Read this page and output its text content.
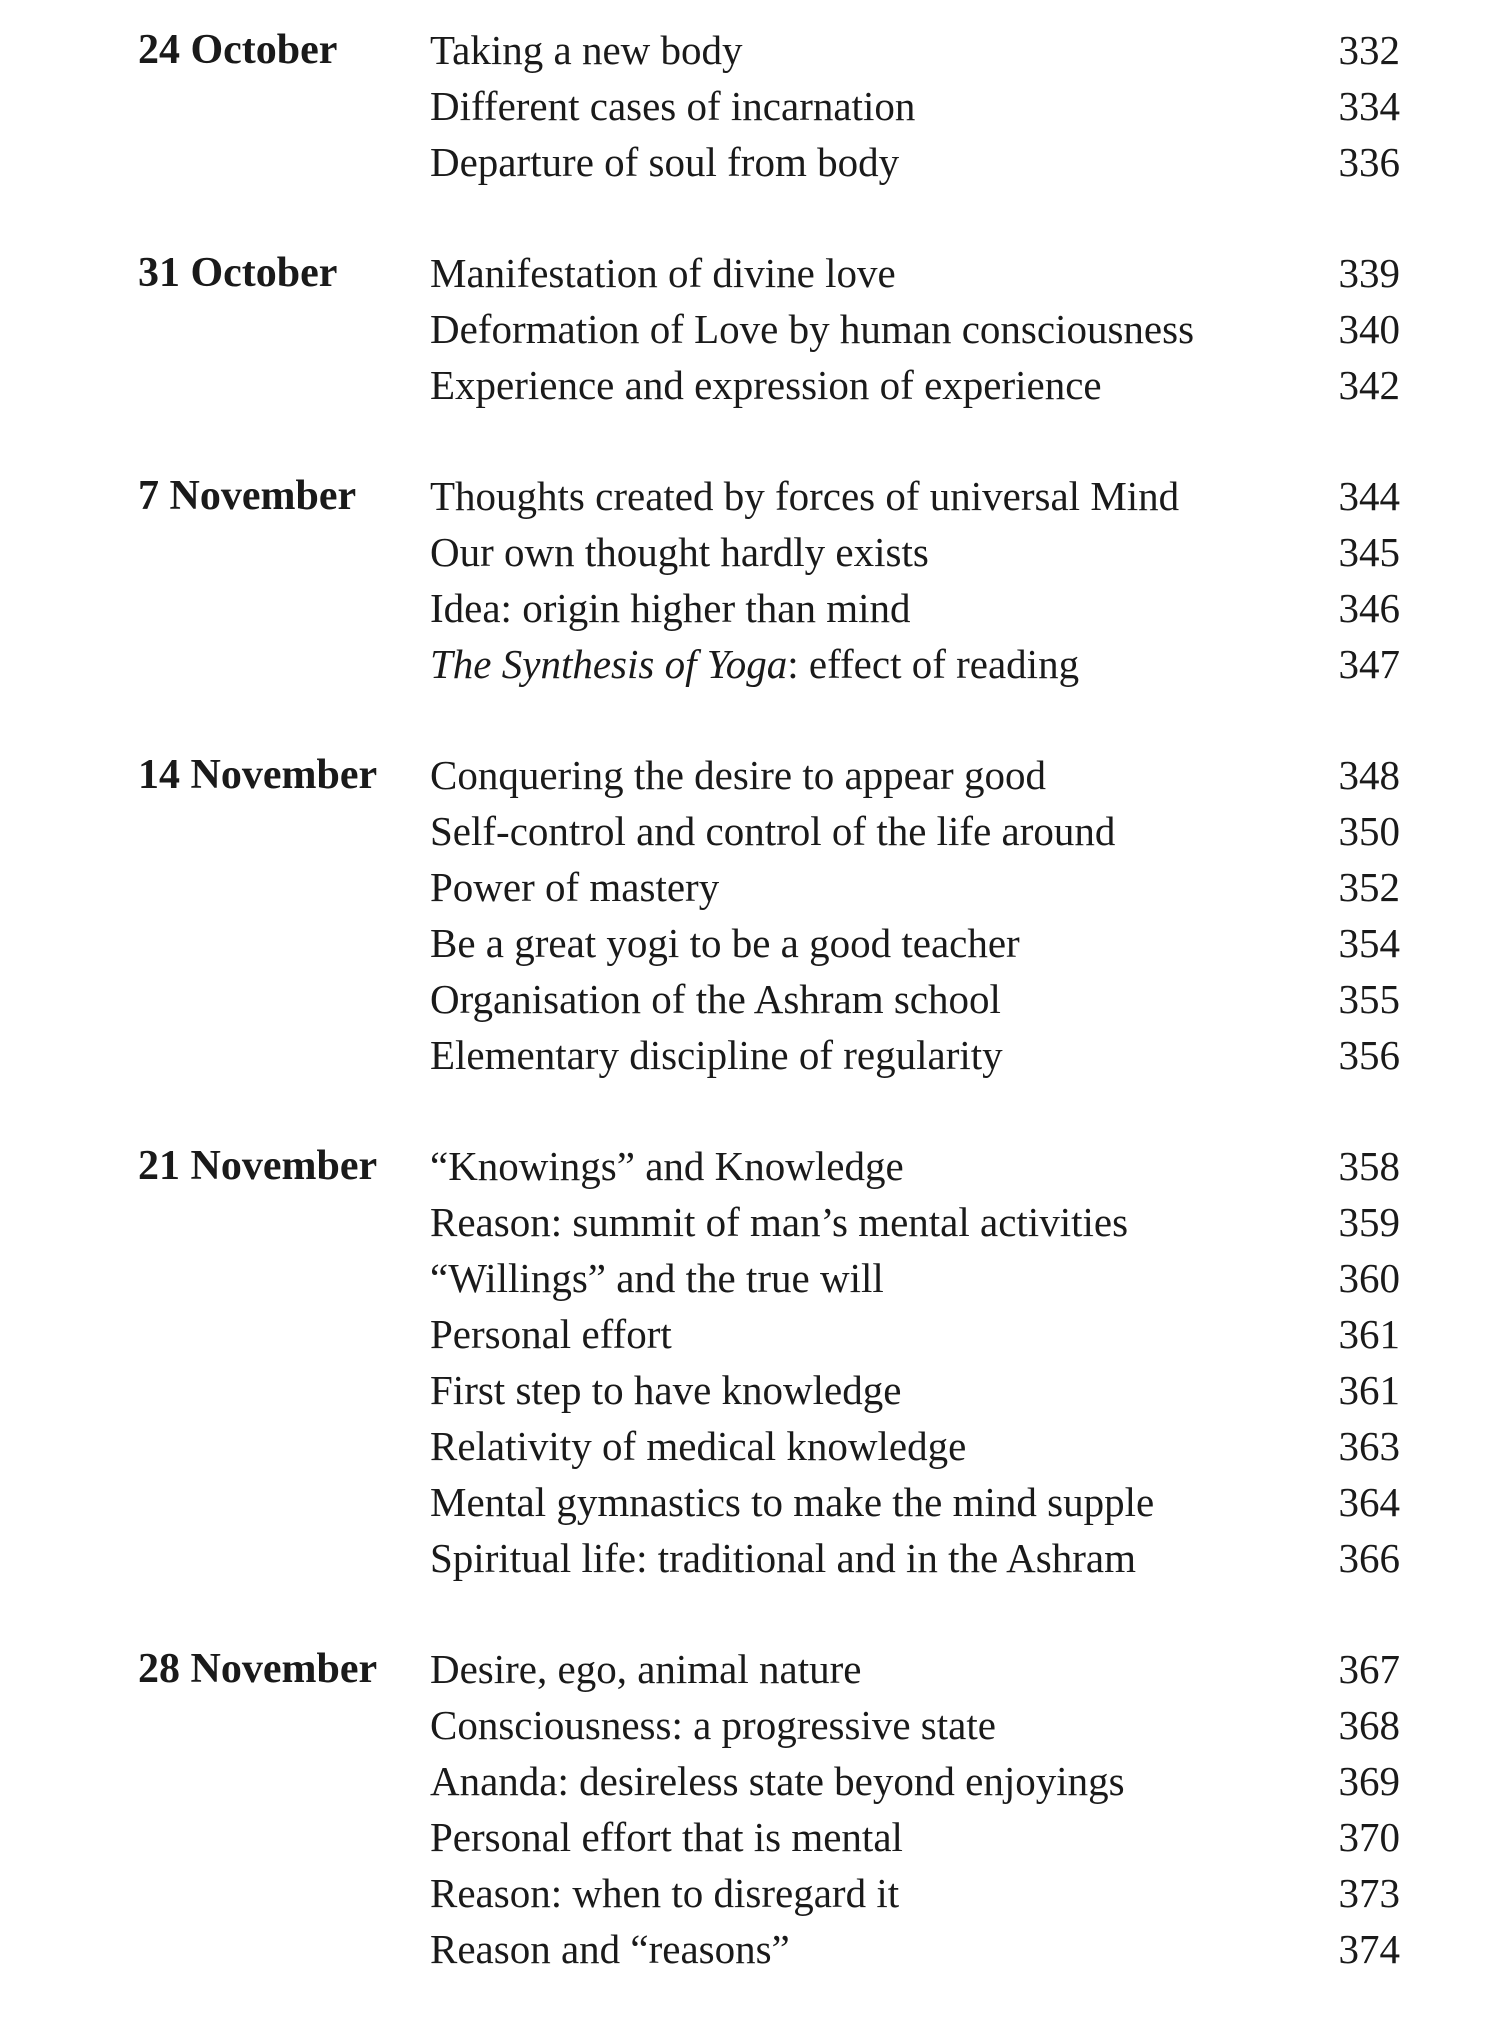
24 October	Taking a new body	332
Different cases of incarnation	334
Departure of soul from body	336
31 October	Manifestation of divine love	339
Deformation of Love by human consciousness	340
Experience and expression of experience	342
7 November	Thoughts created by forces of universal Mind	344
Our own thought hardly exists	345
Idea: origin higher than mind	346
The Synthesis of Yoga: effect of reading	347
14 November	Conquering the desire to appear good	348
Self-control and control of the life around	350
Power of mastery	352
Be a great yogi to be a good teacher	354
Organisation of the Ashram school	355
Elementary discipline of regularity	356
21 November	“Knowings” and Knowledge	358
Reason: summit of man’s mental activities	359
“Willings” and the true will	360
Personal effort	361
First step to have knowledge	361
Relativity of medical knowledge	363
Mental gymnastics to make the mind supple	364
Spiritual life: traditional and in the Ashram	366
28 November	Desire, ego, animal nature	367
Consciousness: a progressive state	368
Ananda: desireless state beyond enjoyings	369
Personal effort that is mental	370
Reason: when to disregard it	373
Reason and “reasons”	374
